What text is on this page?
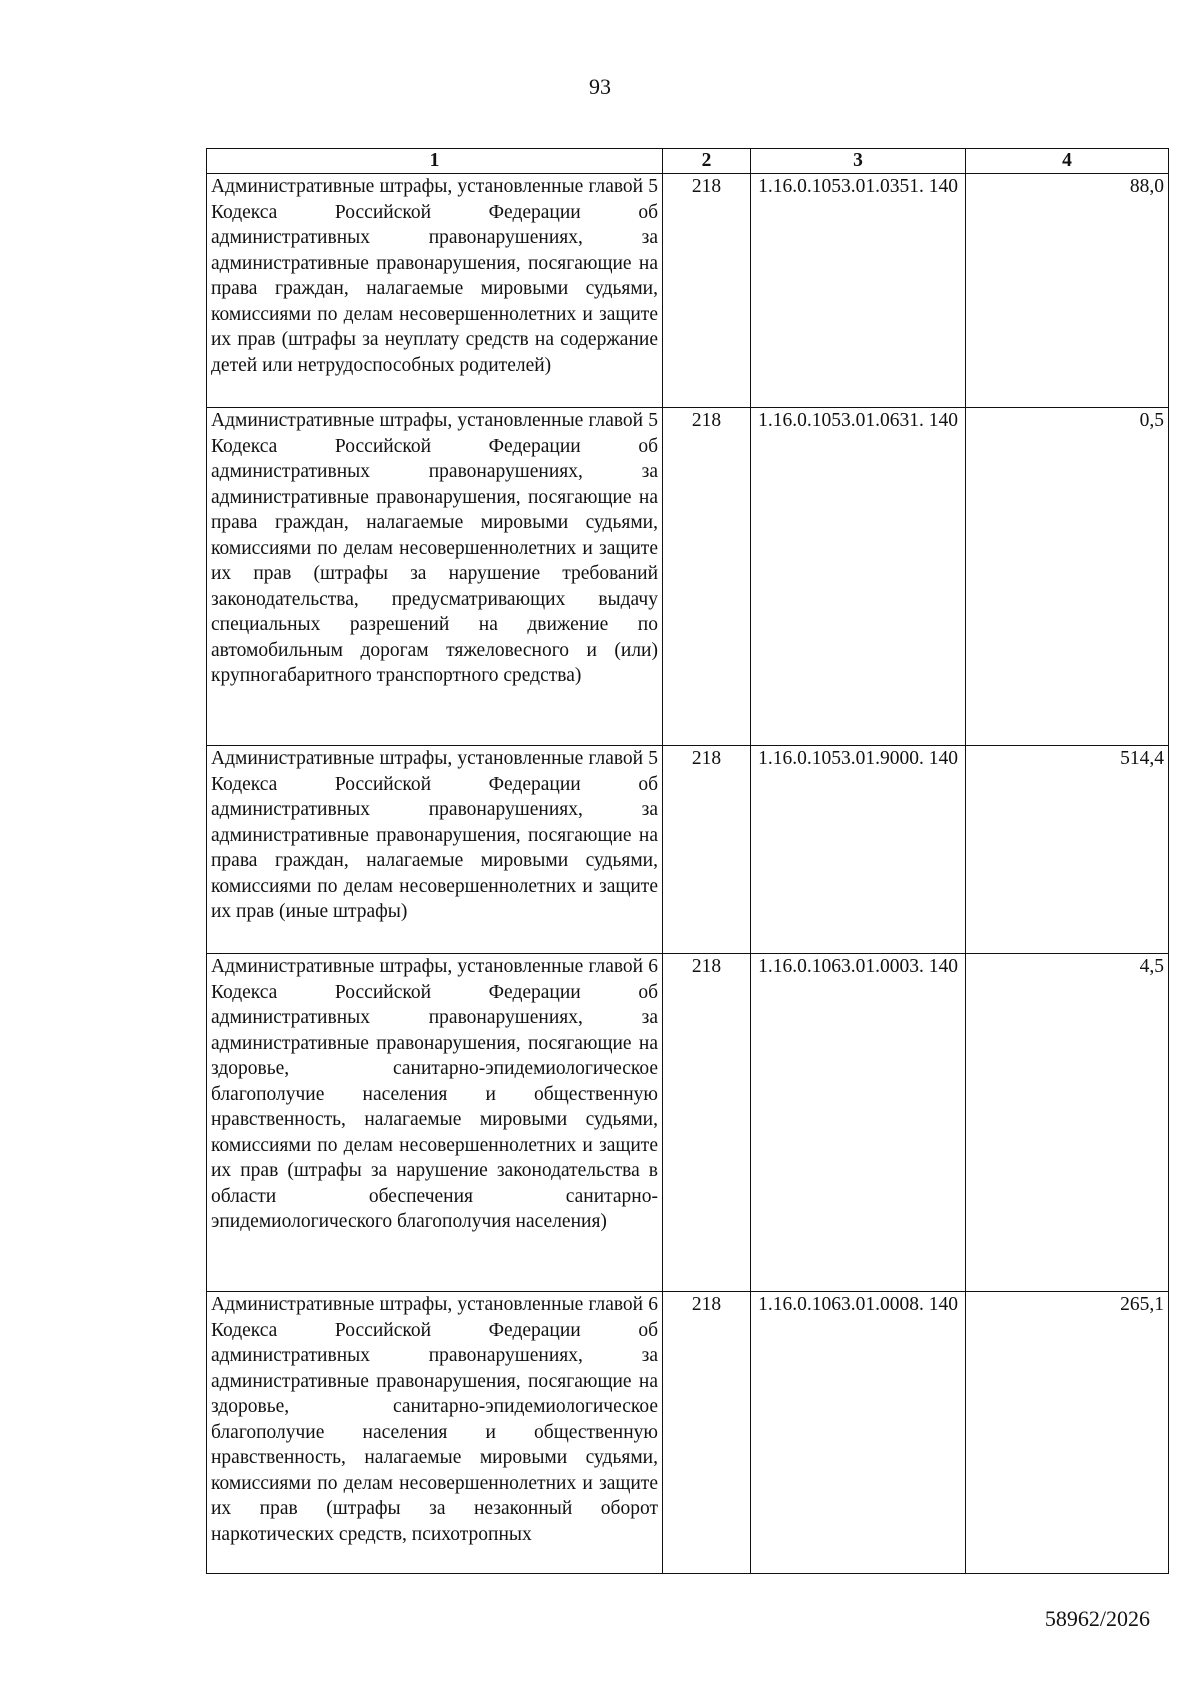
93
1	2	3	4
Административные штрафы, установленные главой 5 Кодекса Российской Федерации об административных правонарушениях, за административные правонарушения, посягающие на права граждан, налагаемые мировыми судьями, комиссиями по делам несовершеннолетних и защите их прав (штрафы за неуплату средств на содержание детей или нетрудоспособных родителей)	218	1.16.0.1053.01.0351. 140	88,0
Административные штрафы, установленные главой 5 Кодекса Российской Федерации об административных правонарушениях, за административные правонарушения, посягающие на права граждан, налагаемые мировыми судьями, комиссиями по делам несовершеннолетних и защите их прав (штрафы за нарушение требований законодательства, предусматривающих выдачу специальных разрешений на движение по автомобильным дорогам тяжеловесного и (или) крупногабаритного транспортного средства)	218	1.16.0.1053.01.0631. 140	0,5
Административные штрафы, установленные главой 5 Кодекса Российской Федерации об административных правонарушениях, за административные правонарушения, посягающие на права граждан, налагаемые мировыми судьями, комиссиями по делам несовершеннолетних и защите их прав (иные штрафы)	218	1.16.0.1053.01.9000. 140	514,4
Административные штрафы, установленные главой 6 Кодекса Российской Федерации об административных правонарушениях, за административные правонарушения, посягающие на здоровье, санитарно-эпидемиологическое благополучие населения и общественную нравственность, налагаемые мировыми судьями, комиссиями по делам несовершеннолетних и защите их прав (штрафы за нарушение законодательства в области обеспечения санитарно-эпидемиологического благополучия населения)	218	1.16.0.1063.01.0003. 140	4,5
Административные штрафы, установленные главой 6 Кодекса Российской Федерации об административных правонарушениях, за административные правонарушения, посягающие на здоровье, санитарно-эпидемиологическое благополучие населения и общественную нравственность, налагаемые мировыми судьями, комиссиями по делам несовершеннолетних и защите их прав (штрафы за незаконный оборот наркотических средств, психотропных	218	1.16.0.1063.01.0008. 140	265,1
58962/2026
